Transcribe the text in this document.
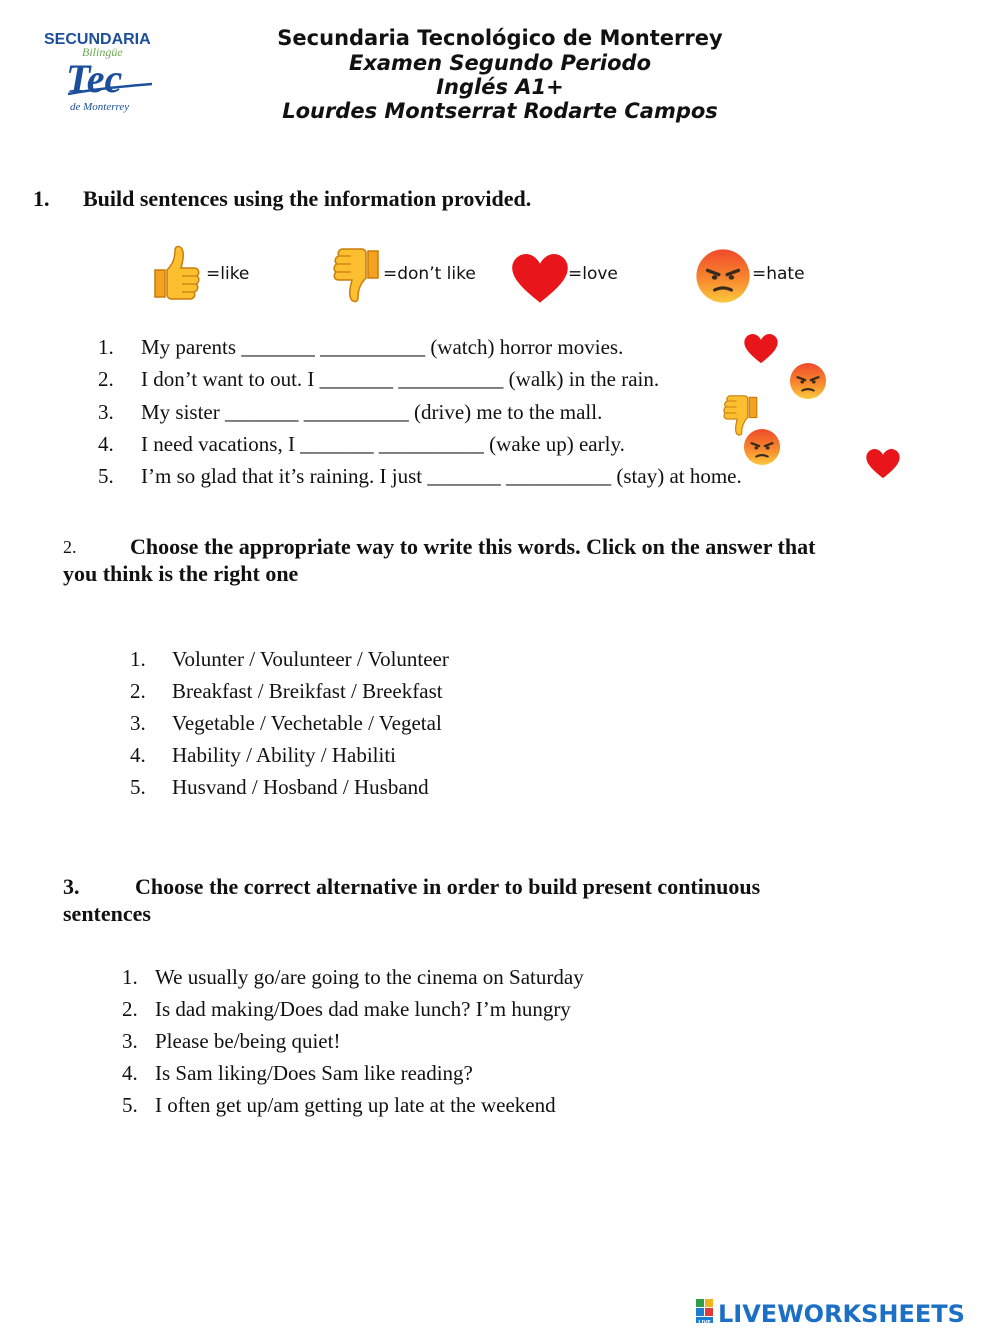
SECUNDARIA
Bilingüe
Tec
de Monterrey
Secundaria Tecnológico de Monterrey
Examen Segundo Periodo
Inglés A1+
Lourdes Montserrat Rodarte Campos
1. Build sentences using the information provided.
=like	=don’t like	=love	=hate
1. My parents _______ __________ (watch) horror movies.
2. I don’t want to out. I _______ __________ (walk) in the rain.
3. My sister _______ __________ (drive) me to the mall.
4. I need vacations, I _______ __________ (wake up) early.
5. I’m so glad that it’s raining. I just _______ __________ (stay) at home.
2. Choose the appropriate way to write this words. Click on the answer that
you think is the right one
1. Volunter / Voulunteer / Volunteer
2. Breakfast / Breikfast / Breekfast
3. Vegetable / Vechetable / Vegetal
4. Hability / Ability / Habiliti
5. Husvand / Hosband / Husband
3.	Choose the correct alternative in order to build present continuous
sentences
1. We usually go/are going to the cinema on Saturday
2. Is dad making/Does dad make lunch? I’m hungry
3. Please be/being quiet!
4. Is Sam liking/Does Sam like reading?
5. I often get up/am getting up late at the weekend
LIVE LIVEWORKSHEETS
